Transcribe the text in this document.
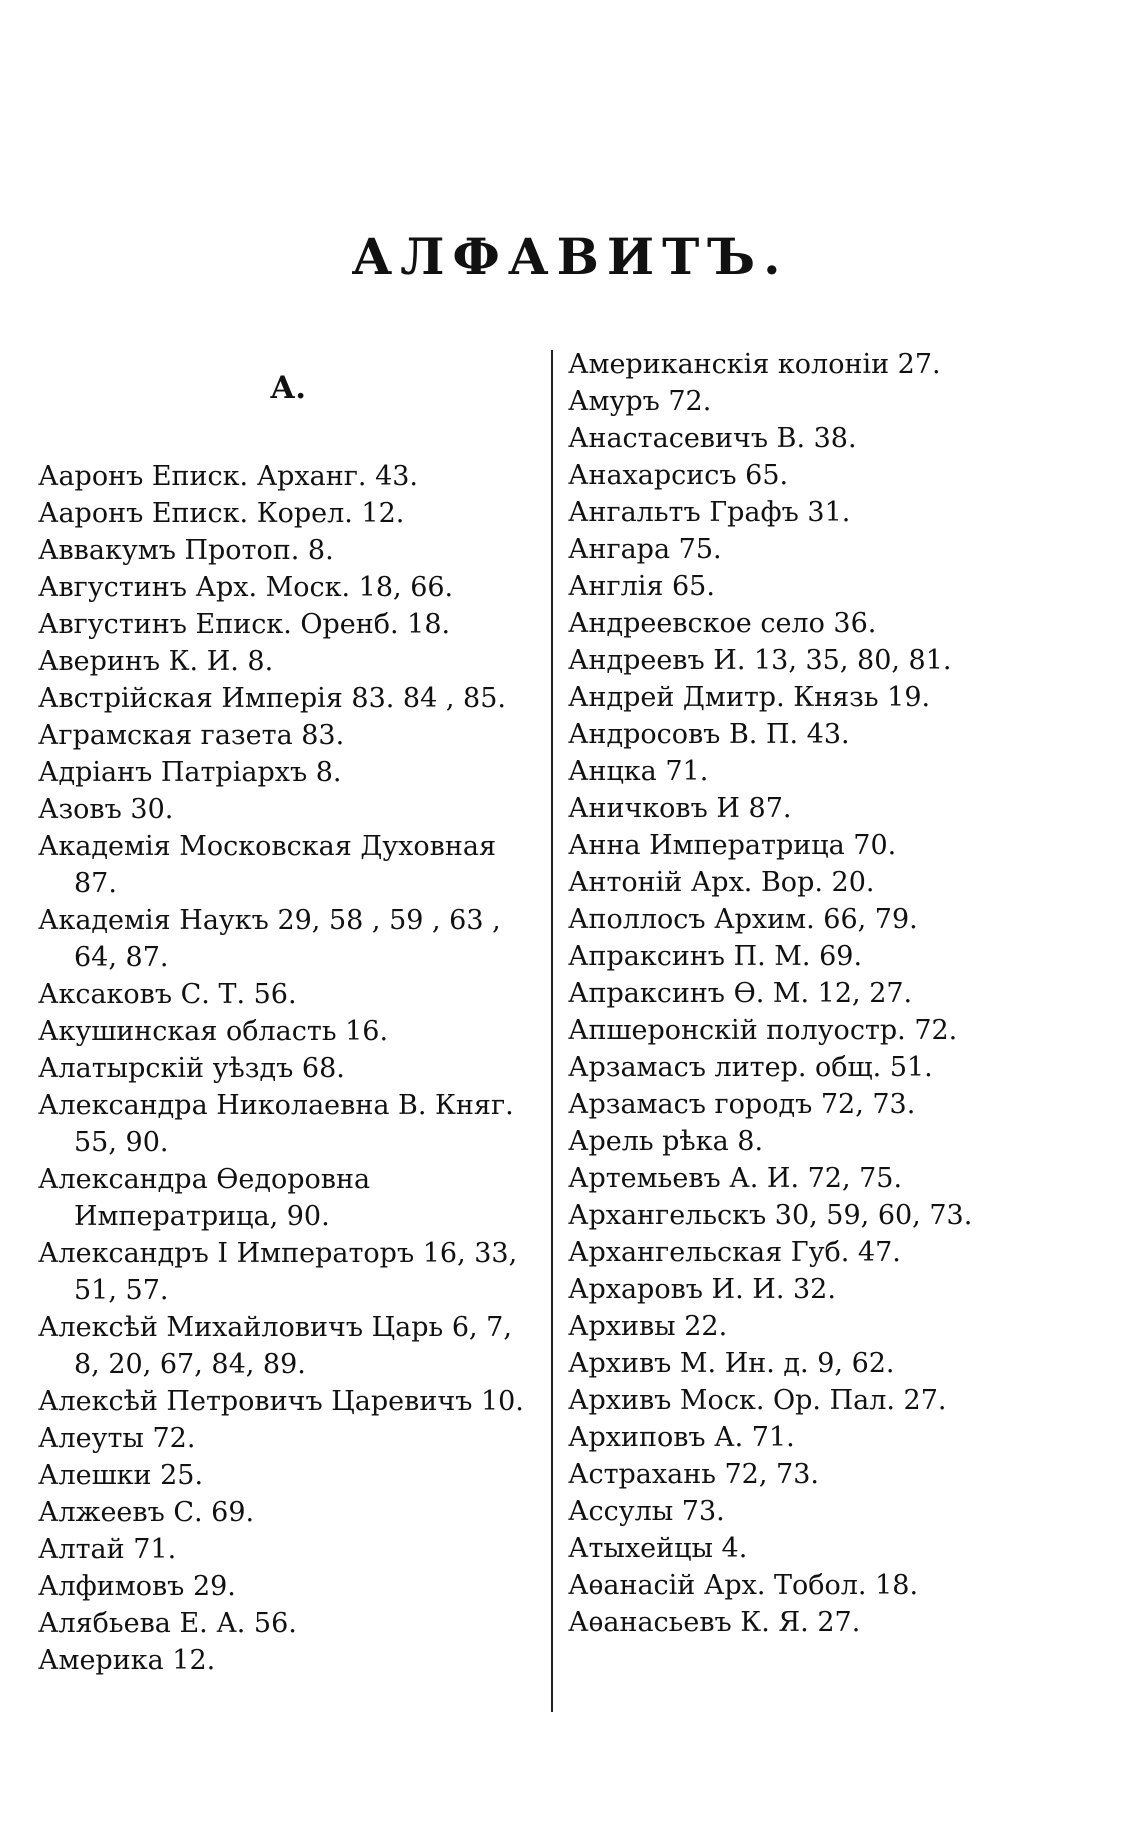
АЛФАВИТЪ.
А.
Ааронъ Еписк. Арханг. 43.
Ааронъ Еписк. Корел. 12.
Аввакумъ Протоп. 8.
Августинъ Арх. Моск. 18, 66.
Августинъ Еписк. Оренб. 18.
Аверинъ К. И. 8.
Австрійская Имперія 83. 84 , 85.
Аграмская газета 83.
Адріанъ Патріархъ 8.
Азовъ 30.
Академія Московская Духовная 87.
Академія Наукъ 29, 58 , 59 , 63 , 64, 87.
Аксаковъ С. Т. 56.
Акушинская область 16.
Алатырскій уѣздъ 68.
Александра Николаевна В. Княг. 55, 90.
Александра Өедоровна Императрица, 90.
Александръ I Императоръ 16, 33, 51, 57.
Алексѣй Михайловичъ Царь 6, 7, 8, 20, 67, 84, 89.
Алексѣй Петровичъ Царевичъ 10.
Алеуты 72.
Алешки 25.
Алжеевъ С. 69.
Алтай 71.
Алфимовъ 29.
Алябьева Е. А. 56.
Америка 12.
Американскія колоніи 27.
Амуръ 72.
Анастасевичъ В. 38.
Анахарсисъ 65.
Ангальтъ Графъ 31.
Ангара 75.
Англія 65.
Андреевское село 36.
Андреевъ И. 13, 35, 80, 81.
Андрей Дмитр. Князь 19.
Андросовъ В. П. 43.
Анцка 71.
Аничковъ И 87.
Анна Императрица 70.
Антоній Арх. Вор. 20.
Аполлосъ Архим. 66, 79.
Апраксинъ П. М. 69.
Апраксинъ Ѳ. М. 12, 27.
Апшеронскій полуостр. 72.
Арзамасъ литер. общ. 51.
Арзамасъ городъ 72, 73.
Арель рѣка 8.
Артемьевъ А. И. 72, 75.
Архангельскъ 30, 59, 60, 73.
Архангельская Губ. 47.
Архаровъ И. И. 32.
Архивы 22.
Архивъ М. Ин. д. 9, 62.
Архивъ Моск. Ор. Пал. 27.
Архиповъ А. 71.
Астрахань 72, 73.
Ассулы 73.
Атыхейцы 4.
Аѳанасій Арх. Тобол. 18.
Аѳанасьевъ К. Я. 27.
